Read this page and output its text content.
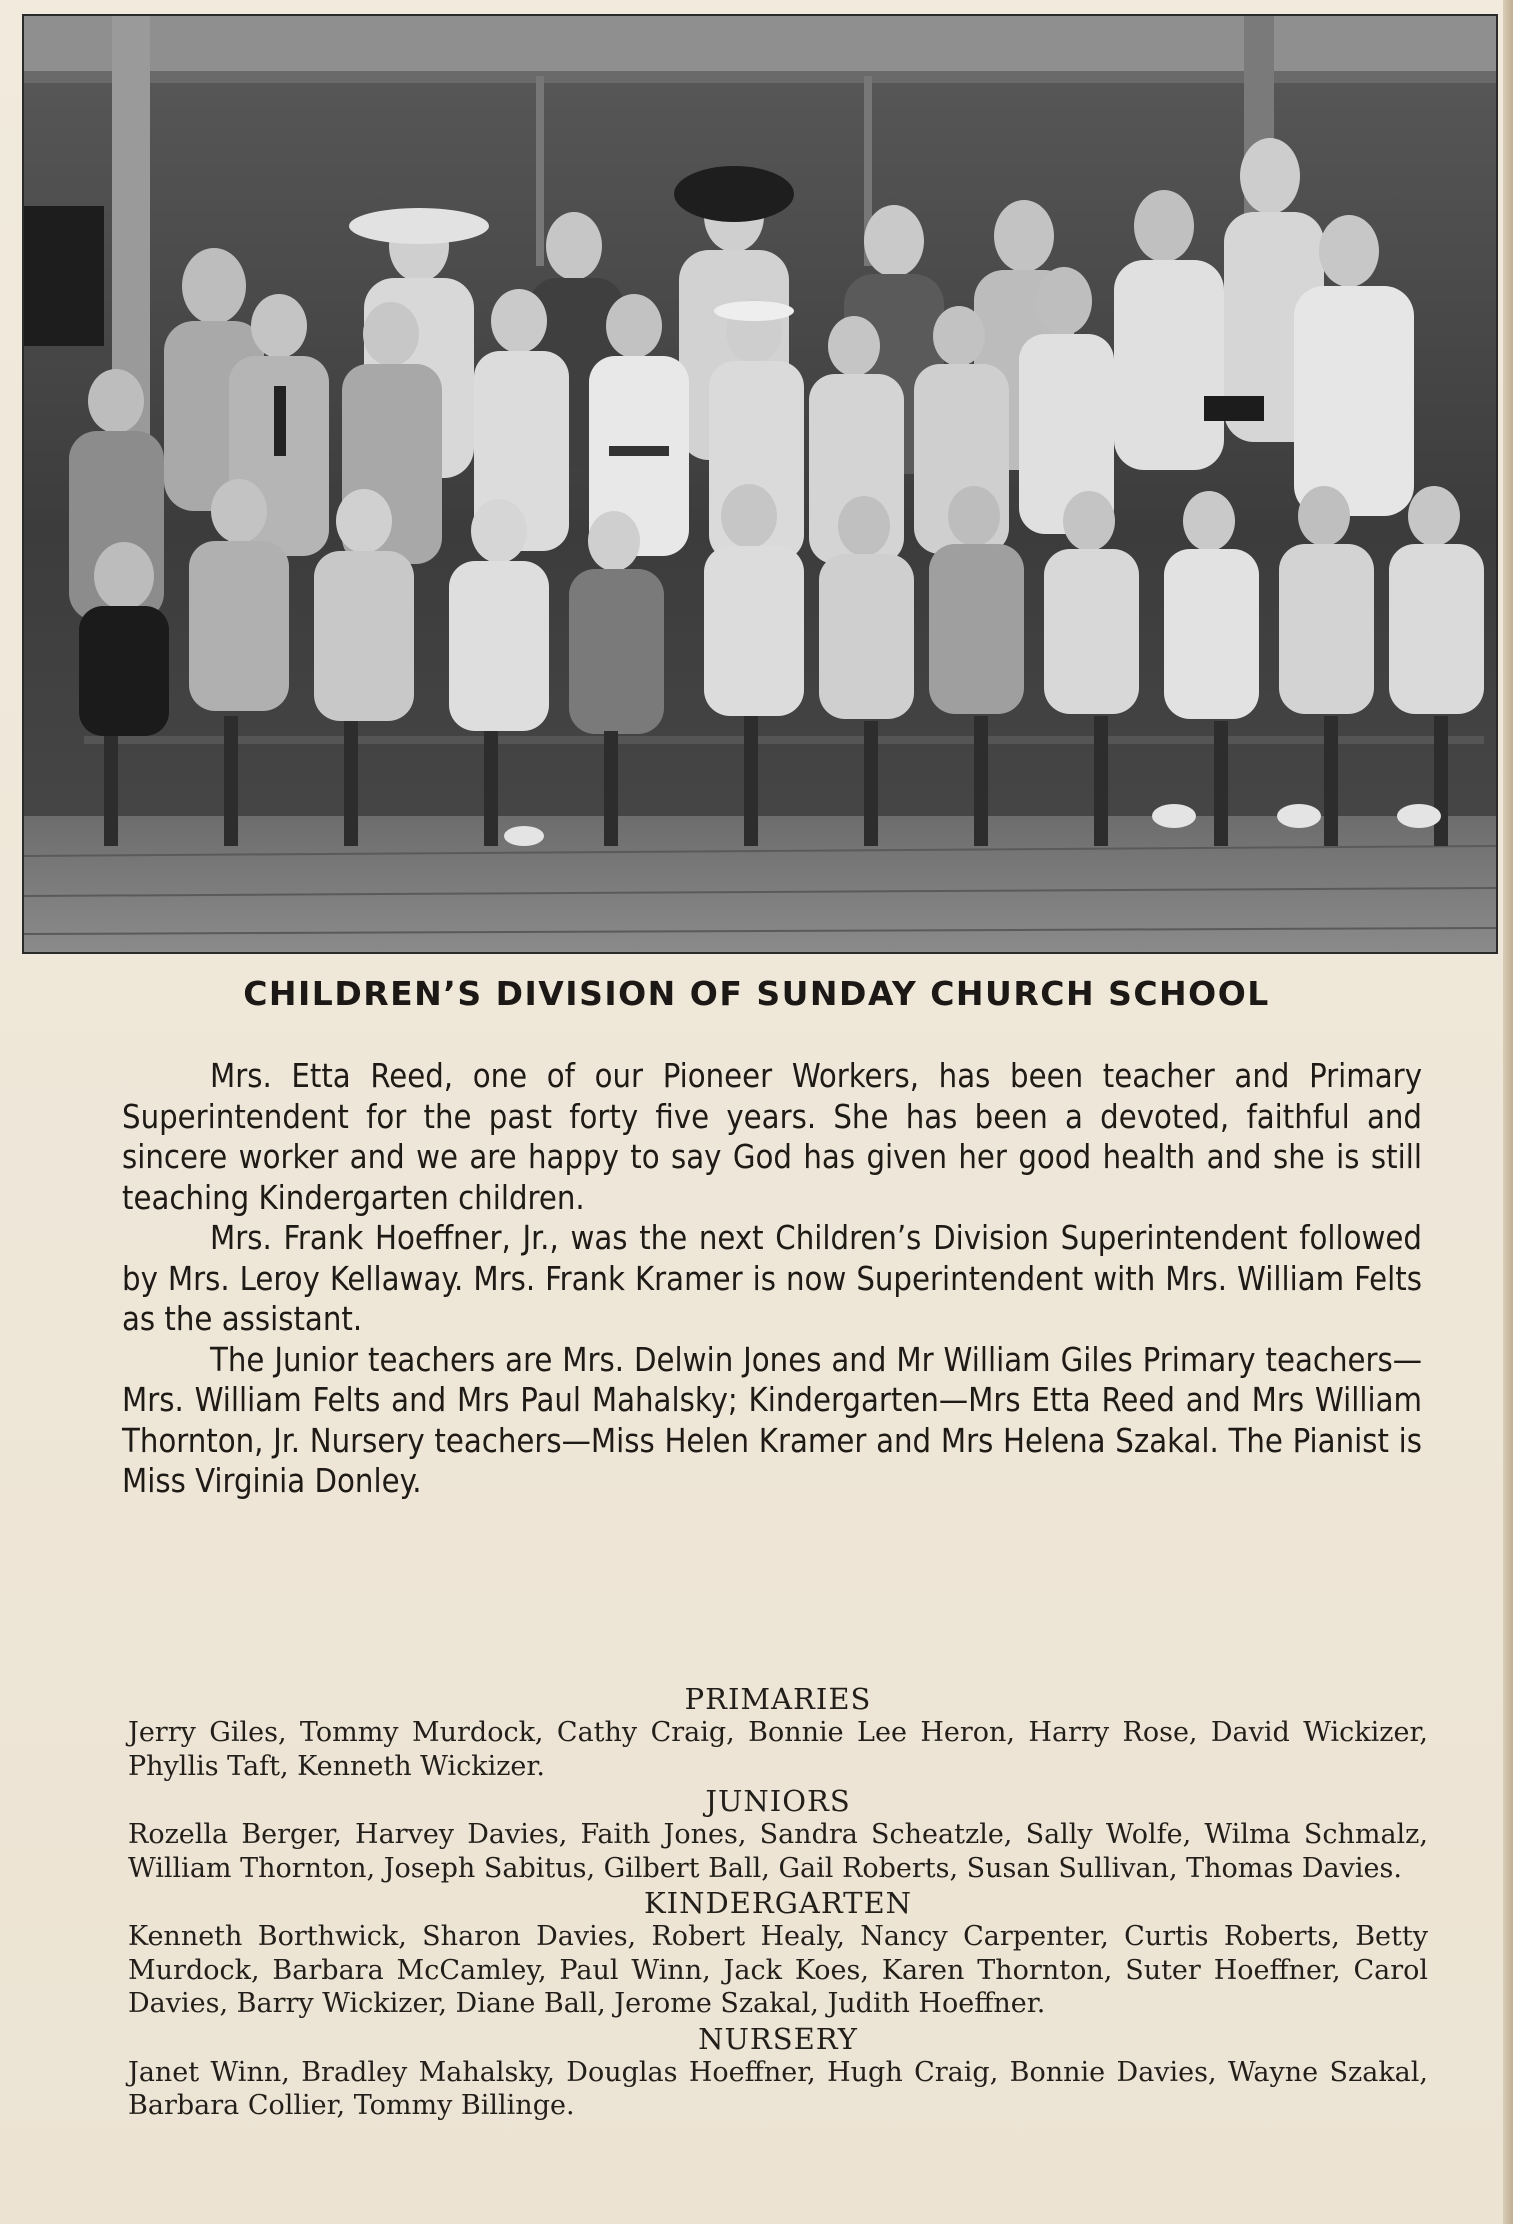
CHILDREN’S DIVISION OF SUNDAY CHURCH SCHOOL

Mrs. Etta Reed, one of our Pioneer Workers, has been teacher and Primary Superintendent for the past forty five years. She has been a devoted, faithful and sincere worker and we are happy to say God has given her good health and she is still teaching Kindergarten children.

Mrs. Frank Hoeffner, Jr., was the next Children’s Division Superintendent followed by Mrs. Leroy Kellaway. Mrs. Frank Kramer is now Superintendent with Mrs. William Felts as the assistant.

The Junior teachers are Mrs. Delwin Jones and Mr William Giles Primary teachers—Mrs. William Felts and Mrs Paul Mahalsky; Kindergarten—Mrs Etta Reed and Mrs William Thornton, Jr. Nursery teachers—Miss Helen Kramer and Mrs Helena Szakal. The Pianist is Miss Virginia Donley.

PRIMARIES

Jerry Giles, Tommy Murdock, Cathy Craig, Bonnie Lee Heron, Harry Rose, David Wickizer, Phyllis Taft, Kenneth Wickizer.

JUNIORS

Rozella Berger, Harvey Davies, Faith Jones, Sandra Scheatzle, Sally Wolfe, Wilma Schmalz, William Thornton, Joseph Sabitus, Gilbert Ball, Gail Roberts, Susan Sullivan, Thomas Davies.

KINDERGARTEN

Kenneth Borthwick, Sharon Davies, Robert Healy, Nancy Carpenter, Curtis Roberts, Betty Murdock, Barbara McCamley, Paul Winn, Jack Koes, Karen Thornton, Suter Hoeffner, Carol Davies, Barry Wickizer, Diane Ball, Jerome Szakal, Judith Hoeffner.

NURSERY

Janet Winn, Bradley Mahalsky, Douglas Hoeffner, Hugh Craig, Bonnie Davies, Wayne Szakal, Barbara Collier, Tommy Billinge.
